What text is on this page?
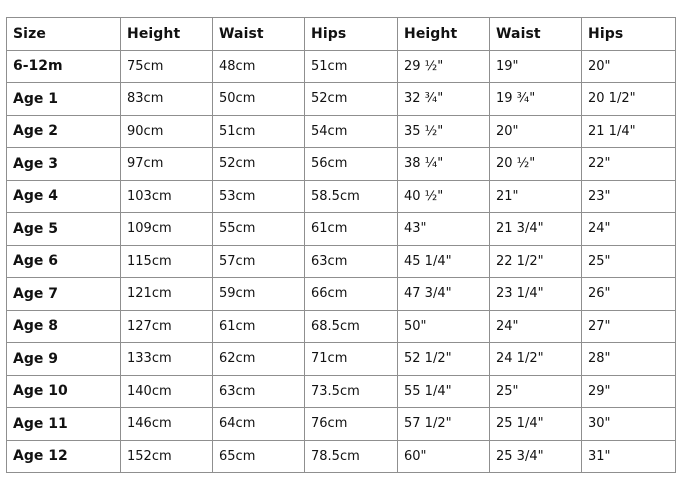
Size	Height	Waist	Hips	Height	Waist	Hips
6-12m	75cm	48cm	51cm	29 ½"	19"	20"
Age 1	83cm	50cm	52cm	32 ¾"	19 ¾"	20 1/2"
Age 2	90cm	51cm	54cm	35 ½"	20"	21 1/4"
Age 3	97cm	52cm	56cm	38 ¼"	20 ½"	22"
Age 4	103cm	53cm	58.5cm	40 ½"	21"	23"
Age 5	109cm	55cm	61cm	43"	21 3/4"	24"
Age 6	115cm	57cm	63cm	45 1/4"	22 1/2"	25"
Age 7	121cm	59cm	66cm	47 3/4"	23 1/4"	26"
Age 8	127cm	61cm	68.5cm	50"	24"	27"
Age 9	133cm	62cm	71cm	52 1/2"	24 1/2"	28"
Age 10	140cm	63cm	73.5cm	55 1/4"	25"	29"
Age 11	146cm	64cm	76cm	57 1/2"	25 1/4"	30"
Age 12	152cm	65cm	78.5cm	60"	25 3/4"	31"
